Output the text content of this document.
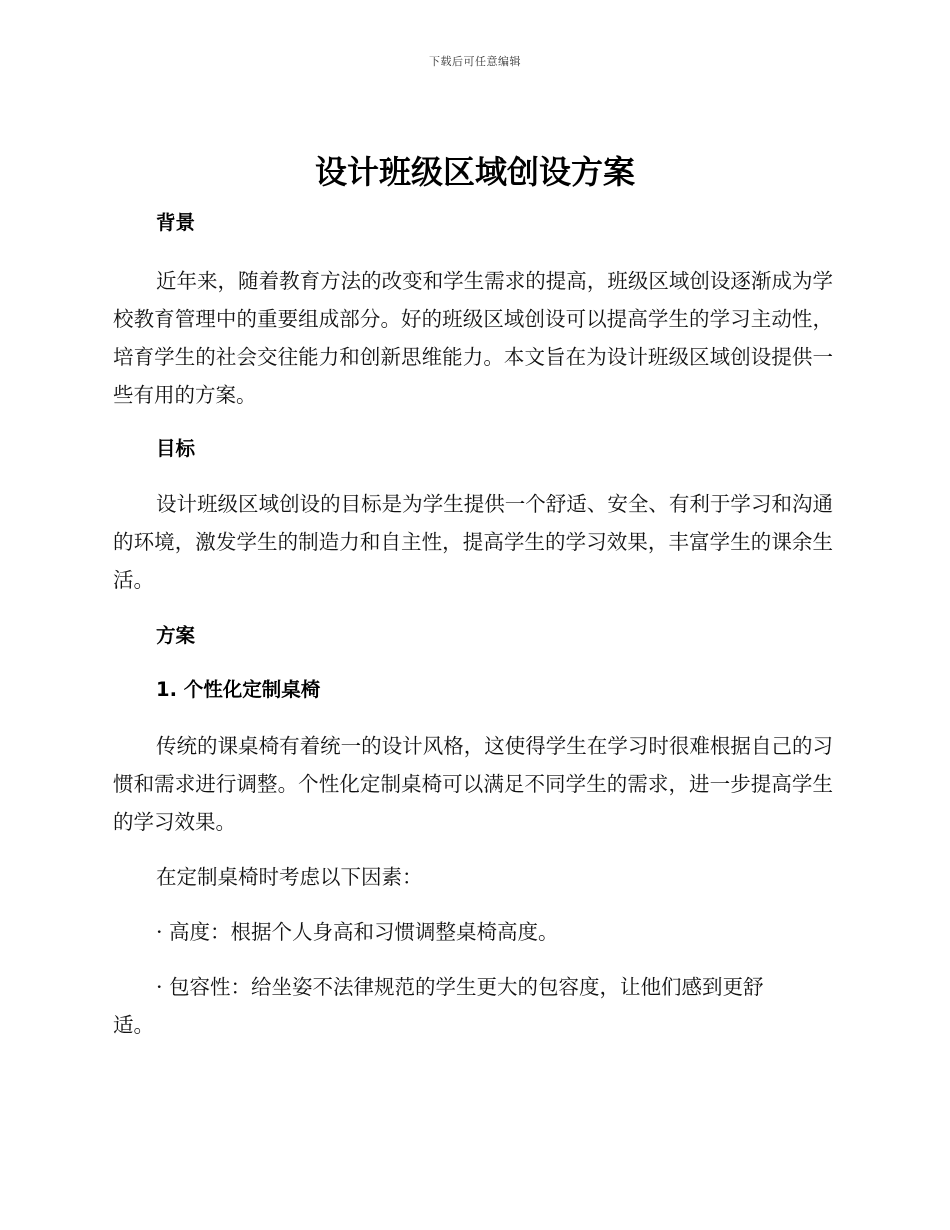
下载后可任意编辑
设计班级区域创设方案
背景

近年来，随着教育方法的改变和学生需求的提高，班级区域创设逐渐成为学校教育管理中的重要组成部分。好的班级区域创设可以提高学生的学习主动性，培育学生的社会交往能力和创新思维能力。本文旨在为设计班级区域创设提供一些有用的方案。

目标

设计班级区域创设的目标是为学生提供一个舒适、安全、有利于学习和沟通的环境，激发学生的制造力和自主性，提高学生的学习效果，丰富学生的课余生活。

方案
1. 个性化定制桌椅

传统的课桌椅有着统一的设计风格，这使得学生在学习时很难根据自己的习惯和需求进行调整。个性化定制桌椅可以满足不同学生的需求，进一步提高学生的学习效果。

在定制桌椅时考虑以下因素：

· 高度：根据个人身高和习惯调整桌椅高度。

· 包容性：给坐姿不法律规范的学生更大的包容度，让他们感到更舒适。
